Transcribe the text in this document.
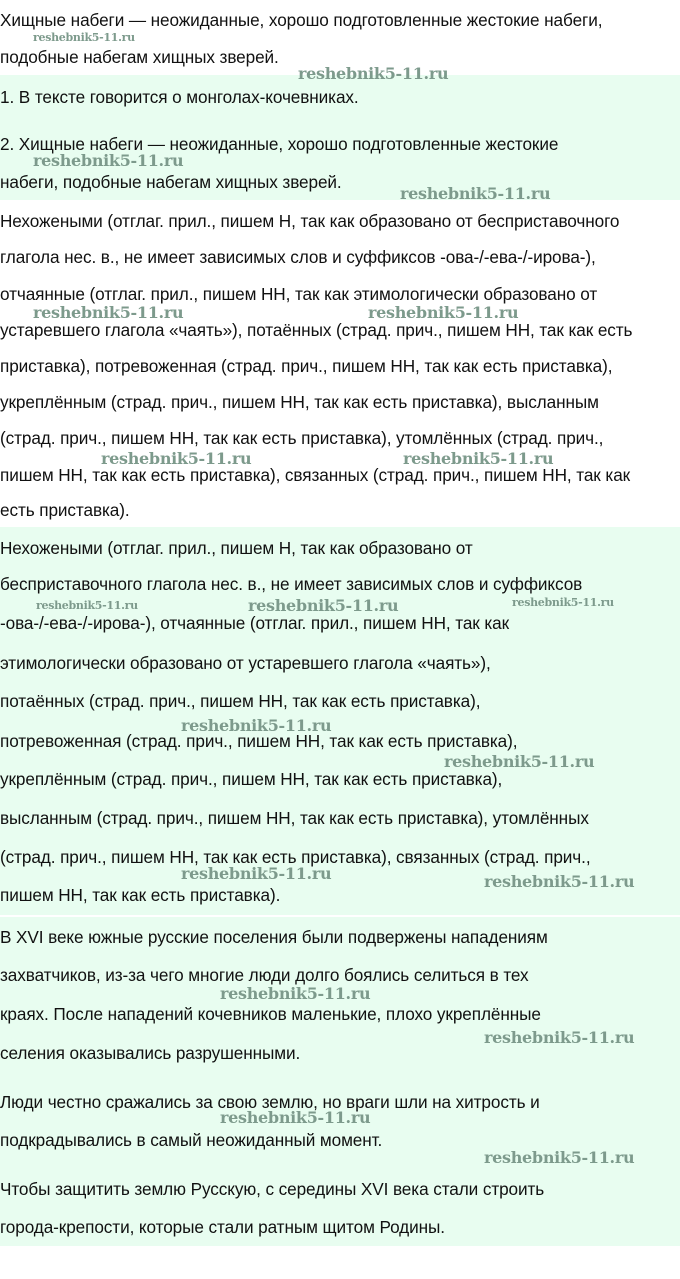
Хищные набеги — неожиданные, хорошо подготовленные жестокие набеги,
подобные набегам хищных зверей.
1. В тексте говорится о монголах-кочевниках.
2. Хищные набеги — неожиданные, хорошо подготовленные жестокие
набеги, подобные набегам хищных зверей.
Нехожеными (отглаг. прил., пишем Н, так как образовано от бесприставочного
глагола нес. в., не имеет зависимых слов и суффиксов -ова-/-ева-/-ирова-),
отчаянные (отглаг. прил., пишем НН, так как этимологически образовано от
устаревшего глагола «чаять»), потаённых (страд. прич., пишем НН, так как есть
приставка), потревоженная (страд. прич., пишем НН, так как есть приставка),
укреплённым (страд. прич., пишем НН, так как есть приставка), высланным
(страд. прич., пишем НН, так как есть приставка), утомлённых (страд. прич.,
пишем НН, так как есть приставка), связанных (страд. прич., пишем НН, так как
есть приставка).
Нехожеными (отглаг. прил., пишем Н, так как образовано от
бесприставочного глагола нес. в., не имеет зависимых слов и суффиксов
-ова-/-ева-/-ирова-), отчаянные (отглаг. прил., пишем НН, так как
этимологически образовано от устаревшего глагола «чаять»),
потаённых (страд. прич., пишем НН, так как есть приставка),
потревоженная (страд. прич., пишем НН, так как есть приставка),
укреплённым (страд. прич., пишем НН, так как есть приставка),
высланным (страд. прич., пишем НН, так как есть приставка), утомлённых
(страд. прич., пишем НН, так как есть приставка), связанных (страд. прич.,
пишем НН, так как есть приставка).
В XVI веке южные русские поселения были подвержены нападениям
захватчиков, из-за чего многие люди долго боялись селиться в тех
краях. После нападений кочевников маленькие, плохо укреплённые
селения оказывались разрушенными.
Люди честно сражались за свою землю, но враги шли на хитрость и
подкрадывались в самый неожиданный момент.
Чтобы защитить землю Русскую, с середины XVI века стали строить
города-крепости, которые стали ратным щитом Родины.
reshebnik5-11.ru
reshebnik5-11.ru
reshebnik5-11.ru
reshebnik5-11.ru
reshebnik5-11.ru	reshebnik5-11.ru
reshebnik5-11.ru	reshebnik5-11.ru
reshebnik5-11.ru	reshebnik5-11.ru	reshebnik5-11.ru
reshebnik5-11.ru
reshebnik5-11.ru
reshebnik5-11.ru	reshebnik5-11.ru
reshebnik5-11.ru
reshebnik5-11.ru
reshebnik5-11.ru
reshebnik5-11.ru
